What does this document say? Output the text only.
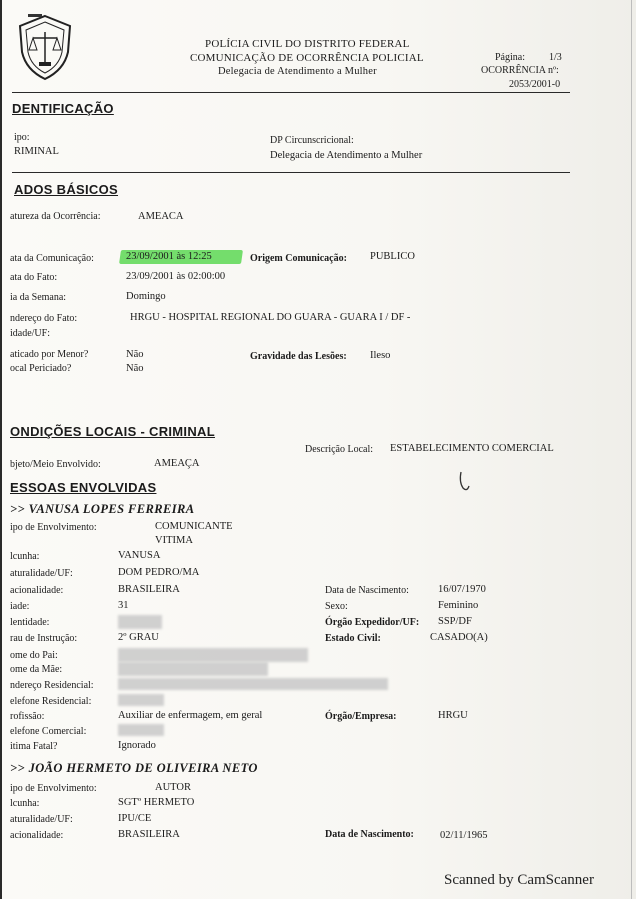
POLÍCIA CIVIL DO DISTRITO FEDERAL
COMUNICAÇÃO DE OCORRÊNCIA POLICIAL
Delegacia de Atendimento a Mulher
Página: 1/3
OCORRÊNCIA nº:
2053/2001-0
DENTIFICAÇÃO
ipo:
RIMINAL
DP Circunscricional:
Delegacia de Atendimento a Mulher
ADOS BÁSICOS
atureza da Ocorrência:	AMEACA
ata da Comunicação:	23/09/2001 às 12:25	Origem Comunicação: PUBLICO
ata do Fato:	23/09/2001 às 02:00:00
ia da Semana:	Domingo
ndereço do Fato:	HRGU - HOSPITAL REGIONAL DO GUARA - GUARA I / DF -
idade/UF:
aticado por Menor?	Não
ocal Periciado?	Não
Gravidade das Lesões: Ileso
ONDIÇÕES LOCAIS - CRIMINAL
Descrição Local: ESTABELECIMENTO COMERCIAL
bjeto/Meio Envolvido:	AMEAÇA
ESSOAS ENVOLVIDAS
>> VANUSA LOPES FERREIRA
ipo de Envolvimento:	COMUNICANTE
VITIMA
lcunha:	VANUSA
aturalidade/UF:	DOM PEDRO/MA
acionalidade:	BRASILEIRA	Data de Nascimento:	16/07/1970
iade:	31	Sexo:	Feminino
lentidade:	Órgão Expedidor/UF: SSP/DF
rau de Instrução:	2º GRAU	Estado Civil:	CASADO(A)
ome do Pai:
ome da Mãe:
ndereço Residencial:
elefone Residencial:
rofissão:	Auxiliar de enfermagem, em geral	Órgão/Empresa:	HRGU
elefone Comercial:
itima Fatal?	Ignorado
>> JOÃO HERMETO DE OLIVEIRA NETO
ipo de Envolvimento:	AUTOR
lcunha:	SGTº HERMETO
aturalidade/UF:	IPU/CE
acionalidade:	BRASILEIRA	Data de Nascimento: 02/11/1965
Scanned by CamScanner
